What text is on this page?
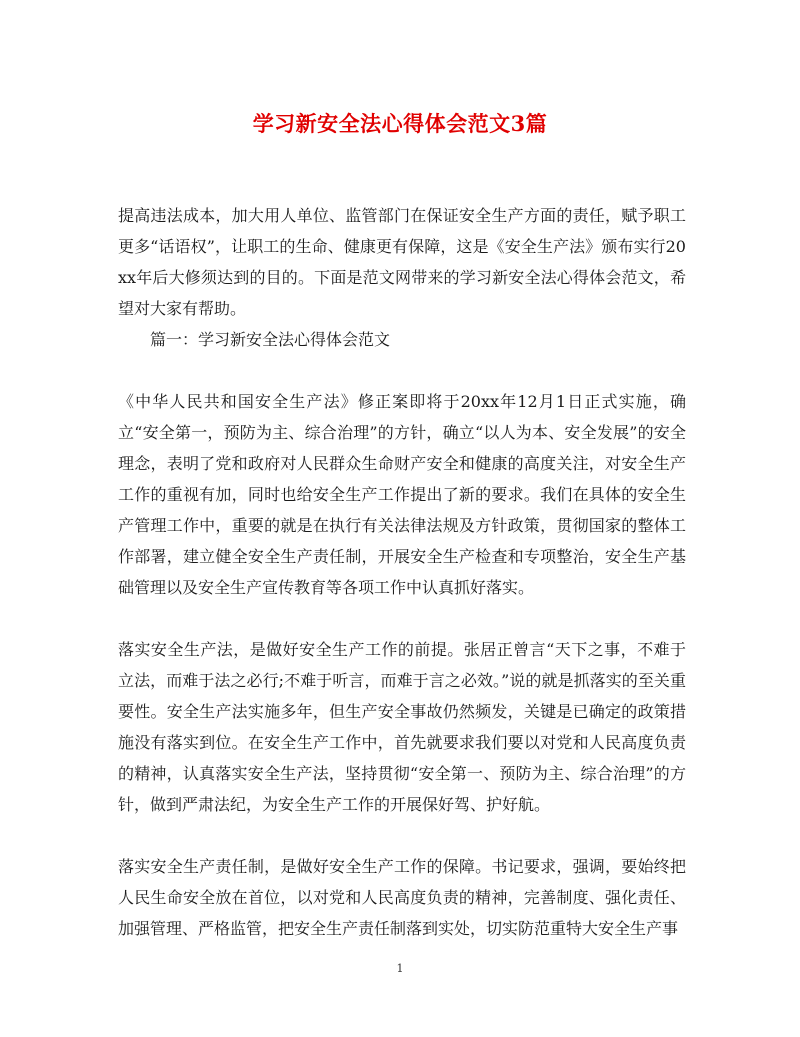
学习新安全法心得体会范文3篇

提高违法成本，加大用人单位、监管部门在保证安全生产方面的责任，赋予职工更多“话语权”，让职工的生命、健康更有保障，这是《安全生产法》颁布实行20xx年后大修须达到的目的。下面是范文网带来的学习新安全法心得体会范文，希望对大家有帮助。

篇一：学习新安全法心得体会范文

《中华人民共和国安全生产法》修正案即将于20xx年12月1日正式实施，确立“安全第一，预防为主、综合治理”的方针，确立“以人为本、安全发展”的安全理念，表明了党和政府对人民群众生命财产安全和健康的高度关注，对安全生产工作的重视有加，同时也给安全生产工作提出了新的要求。我们在具体的安全生产管理工作中，重要的就是在执行有关法律法规及方针政策，贯彻国家的整体工作部署，建立健全安全生产责任制，开展安全生产检查和专项整治，安全生产基础管理以及安全生产宣传教育等各项工作中认真抓好落实。

落实安全生产法，是做好安全生产工作的前提。张居正曾言“天下之事，不难于立法，而难于法之必行;不难于听言，而难于言之必效。”说的就是抓落实的至关重要性。安全生产法实施多年，但生产安全事故仍然频发，关键是已确定的政策措施没有落实到位。在安全生产工作中，首先就要求我们要以对党和人民高度负责的精神，认真落实安全生产法，坚持贯彻“安全第一、预防为主、综合治理”的方针，做到严肃法纪，为安全生产工作的开展保好驾、护好航。

落实安全生产责任制，是做好安全生产工作的保障。书记要求，强调，要始终把人民生命安全放在首位，以对党和人民高度负责的精神，完善制度、强化责任、加强管理、严格监管，把安全生产责任制落到实处，切实防范重特大安全生产事

1
